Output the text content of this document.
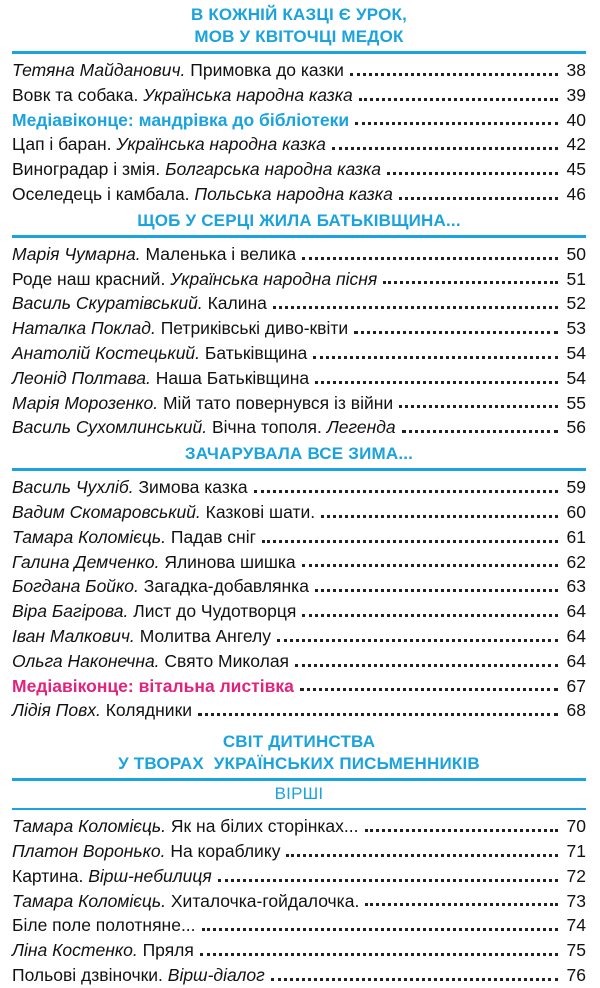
В КОЖНІЙ КАЗЦІ Є УРОК,

МОВ У КВІТОЧЦІ МЕДОК

Тетяна Майданович. Примовка до казки	38
Вовк та собака. Українська народна казка	39
Медіавіконце: мандрівка до бібліотеки	40
Цап і баран. Українська народна казка	42
Виноградар і змія. Болгарська народна казка	45
Оселедець і камбала. Польська народна казка	46

ЩОБ У СЕРЦІ ЖИЛА БАТЬКІВЩИНА...

Марія Чумарна. Маленька і велика	50
Роде наш красний. Українська народна пісня	51
Василь Скуратівський. Калина	52
Наталка Поклад. Петриківські диво-квіти	53
Анатолій Костецький. Батьківщина	54
Леонід Полтава. Наша Батьківщина	54
Марія Морозенко. Мій тато повернувся із війни	55
Василь Сухомлинський. Вічна тополя. Легенда	56

ЗАЧАРУВАЛА ВСЕ ЗИМА...

Василь Чухліб. Зимова казка	59
Вадим Скомаровський. Казкові шати.	60
Тамара Коломієць. Падав сніг	61
Галина Демченко. Ялинова шишка	62
Богдана Бойко. Загадка-добавлянка	63
Віра Багірова. Лист до Чудотворця	64
Іван Малкович. Молитва Ангелу	64
Ольга Наконечна. Свято Миколая	64
Медіавіконце: вітальна листівка	67
Лідія Повх. Колядники	68

СВІТ ДИТИНСТВА

У ТВОРАХ  УКРАЇНСЬКИХ ПИСЬМЕННИКІВ

ВІРШІ

Тамара Коломієць. Як на білих сторінках...	70
Платон Воронько. На кораблику	71
Картина. Вірш-небилиця	72
Тамара Коломієць. Хиталочка-гойдалочка.	73
Біле поле полотняне...	74
Ліна Костенко. Пряля	75
Польові дзвіночки. Вірш-діалог	76
